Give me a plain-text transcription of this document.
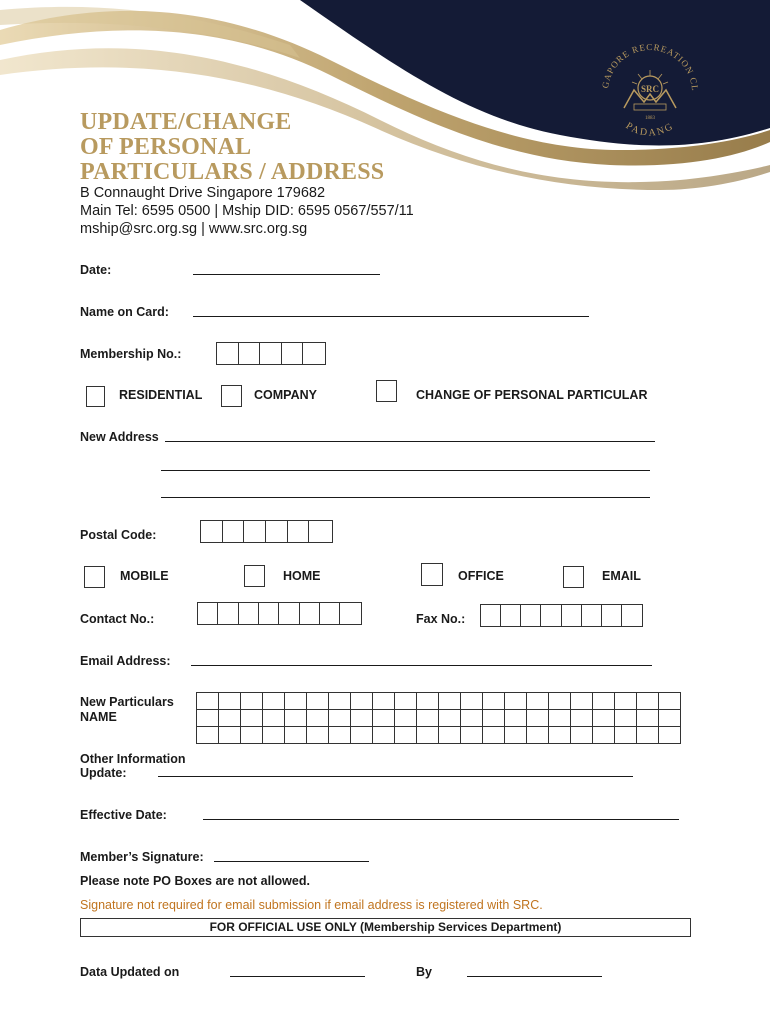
GAPORE RECREATION CL
PADANG
SRC
1883
UPDATE/CHANGE
OF PERSONAL
PARTICULARS / ADDRESS
B Connaught Drive Singapore 179682
Main Tel: 6595 0500 | Mship DID: 6595 0567/557/11
mship@src.org.sg | www.src.org.sg
Date:
Name on Card:
Membership No.:
RESIDENTIAL	COMPANY	CHANGE OF PERSONAL PARTICULAR
New Address
Postal Code:
MOBILE	HOME	OFFICE	EMAIL
Contact No.:	Fax No.:
Email Address:
New Particulars
NAME

Other Information
Update:
Effective Date:
Member’s Signature:
Please note PO Boxes are not allowed.
Signature not required for email submission if email address is registered with SRC.
FOR OFFICIAL USE ONLY (Membership Services Department)
Data Updated on	By
